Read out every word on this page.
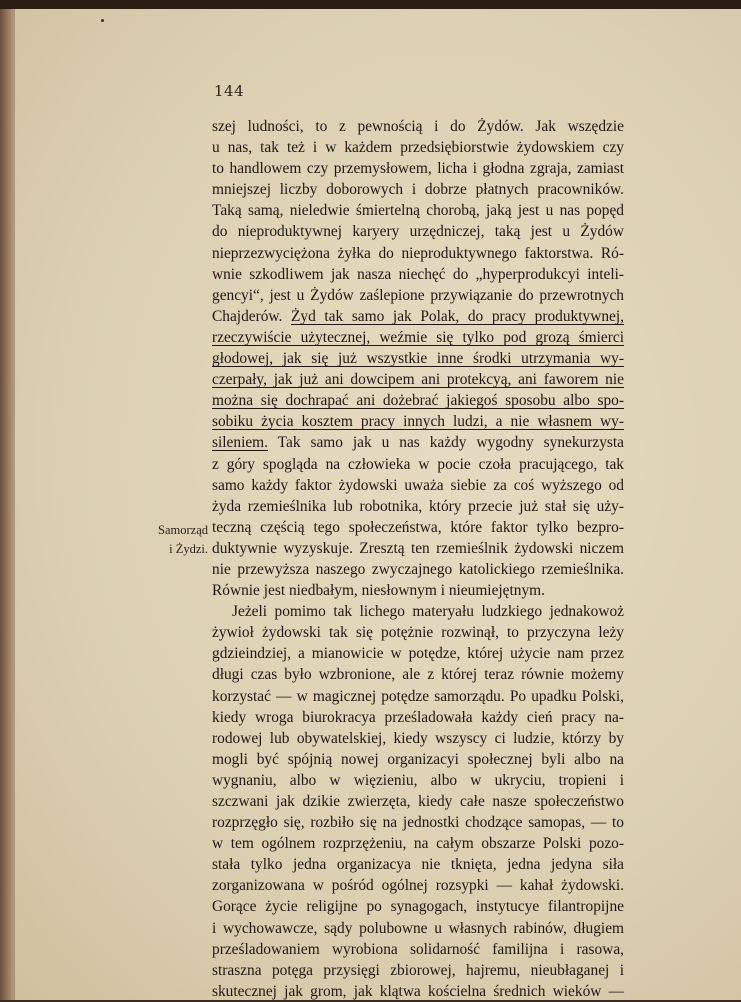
144
Samorząd
i Żydzi.
szej ludności, to z pewnością i do Żydów. Jak wszędzie
u nas, tak też i w każdem przedsiębiorstwie żydowskiem czy
to handlowem czy przemysłowem, licha i głodna zgraja, zamiast
mniejszej liczby doborowych i dobrze płatnych pracowników.
Taką samą, nieledwie śmiertelną chorobą, jaką jest u nas popęd
do nieproduktywnej karyery urzędniczej, taką jest u Żydów
nieprzezwyciężona żyłka do nieproduktywnego faktorstwa. Ró-
wnie szkodliwem jak nasza niechęć do „hyperprodukcyi inteli-
gencyi“, jest u Żydów zaślepione przywiązanie do przewrotnych
Chajderów. Żyd tak samo jak Polak, do pracy produktywnej,
rzeczywiście użytecznej, weźmie się tylko pod grozą śmierci
głodowej, jak się już wszystkie inne środki utrzymania wy-
czerpały, jak już ani dowcipem ani protekcyą, ani faworem nie
można się dochrapać ani dożebrać jakiegoś sposobu albo spo-
sobiku życia kosztem pracy innych ludzi, a nie własnem wy-
sileniem. Tak samo jak u nas każdy wygodny synekurzysta
z góry spogląda na człowieka w pocie czoła pracującego, tak
samo każdy faktor żydowski uważa siebie za coś wyższego od
żyda rzemieślnika lub robotnika, który przecie już stał się uży-
teczną częścią tego społeczeństwa, które faktor tylko bezpro-
duktywnie wyzyskuje. Zresztą ten rzemieślnik żydowski niczem
nie przewyższa naszego zwyczajnego katolickiego rzemieślnika.
Równie jest niedbałym, niesłownym i nieumiejętnym.
Jeżeli pomimo tak lichego materyału ludzkiego jednakowoż
żywioł żydowski tak się potężnie rozwinął, to przyczyna leży
gdzieindziej, a mianowicie w potędze, której użycie nam przez
długi czas było wzbronione, ale z której teraz równie możemy
korzystać — w magicznej potędze samorządu. Po upadku Polski,
kiedy wroga biurokracya prześladowała każdy cień pracy na-
rodowej lub obywatelskiej, kiedy wszyscy ci ludzie, którzy by
mogli być spójnią nowej organizacyi społecznej byli albo na
wygnaniu, albo w więzieniu, albo w ukryciu, tropieni i
szczwani jak dzikie zwierzęta, kiedy całe nasze społeczeństwo
rozprzęgło się, rozbiło się na jednostki chodzące samopas, — to
w tem ogólnem rozprzężeniu, na całym obszarze Polski pozo-
stała tylko jedna organizacya nie tknięta, jedna jedyna siła
zorganizowana w pośród ogólnej rozsypki — kahał żydowski.
Gorące życie religijne po synagogach, instytucye filantropijne
i wychowawcze, sądy polubowne u własnych rabinów, długiem
prześladowaniem wyrobiona solidarność familijna i rasowa,
straszna potęga przysięgi zbiorowej, hajremu, nieubłaganej i
skutecznej jak grom, jak klątwa kościelna średnich wieków —
